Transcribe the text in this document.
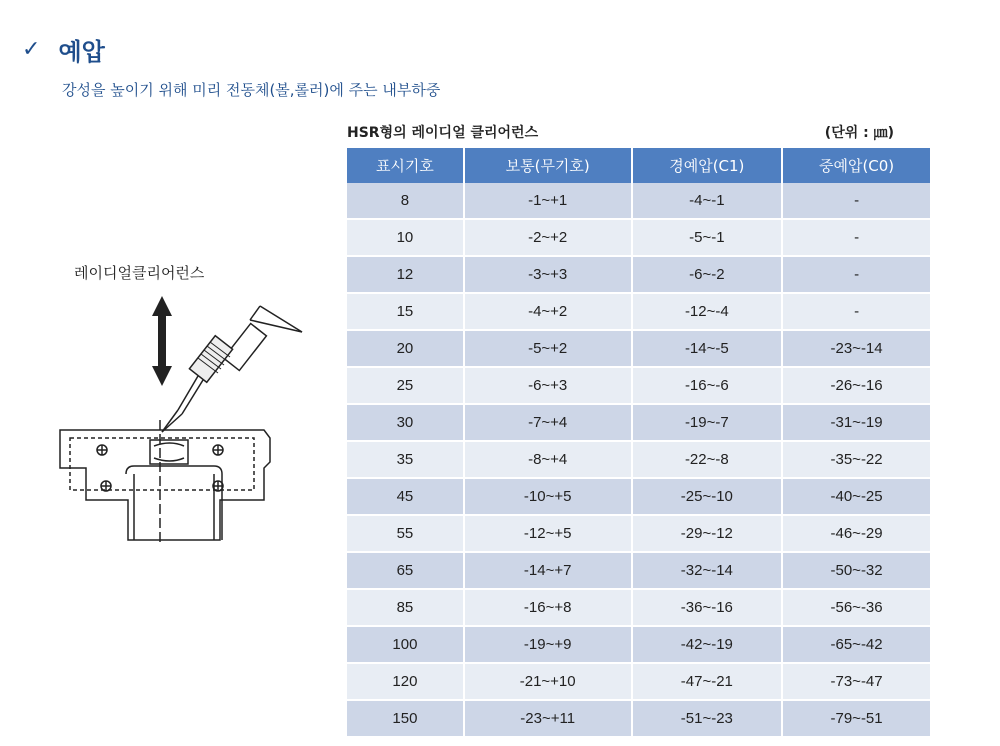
✓ 예압
강성을 높이기 위해 미리 전동체(볼,롤러)에 주는 내부하중
HSR형의 레이디얼 클리어런스	(단위 : ㎛)
표시기호	보통(무기호)	경예압(C1)	중예압(C0)
8	-1~+1	-4~-1	-
10	-2~+2	-5~-1	-
12	-3~+3	-6~-2	-
15	-4~+2	-12~-4	-
20	-5~+2	-14~-5	-23~-14
25	-6~+3	-16~-6	-26~-16
30	-7~+4	-19~-7	-31~-19
35	-8~+4	-22~-8	-35~-22
45	-10~+5	-25~-10	-40~-25
55	-12~+5	-29~-12	-46~-29
65	-14~+7	-32~-14	-50~-32
85	-16~+8	-36~-16	-56~-36
100	-19~+9	-42~-19	-65~-42
120	-21~+10	-47~-21	-73~-47
150	-23~+11	-51~-23	-79~-51
레이디얼클리어런스
